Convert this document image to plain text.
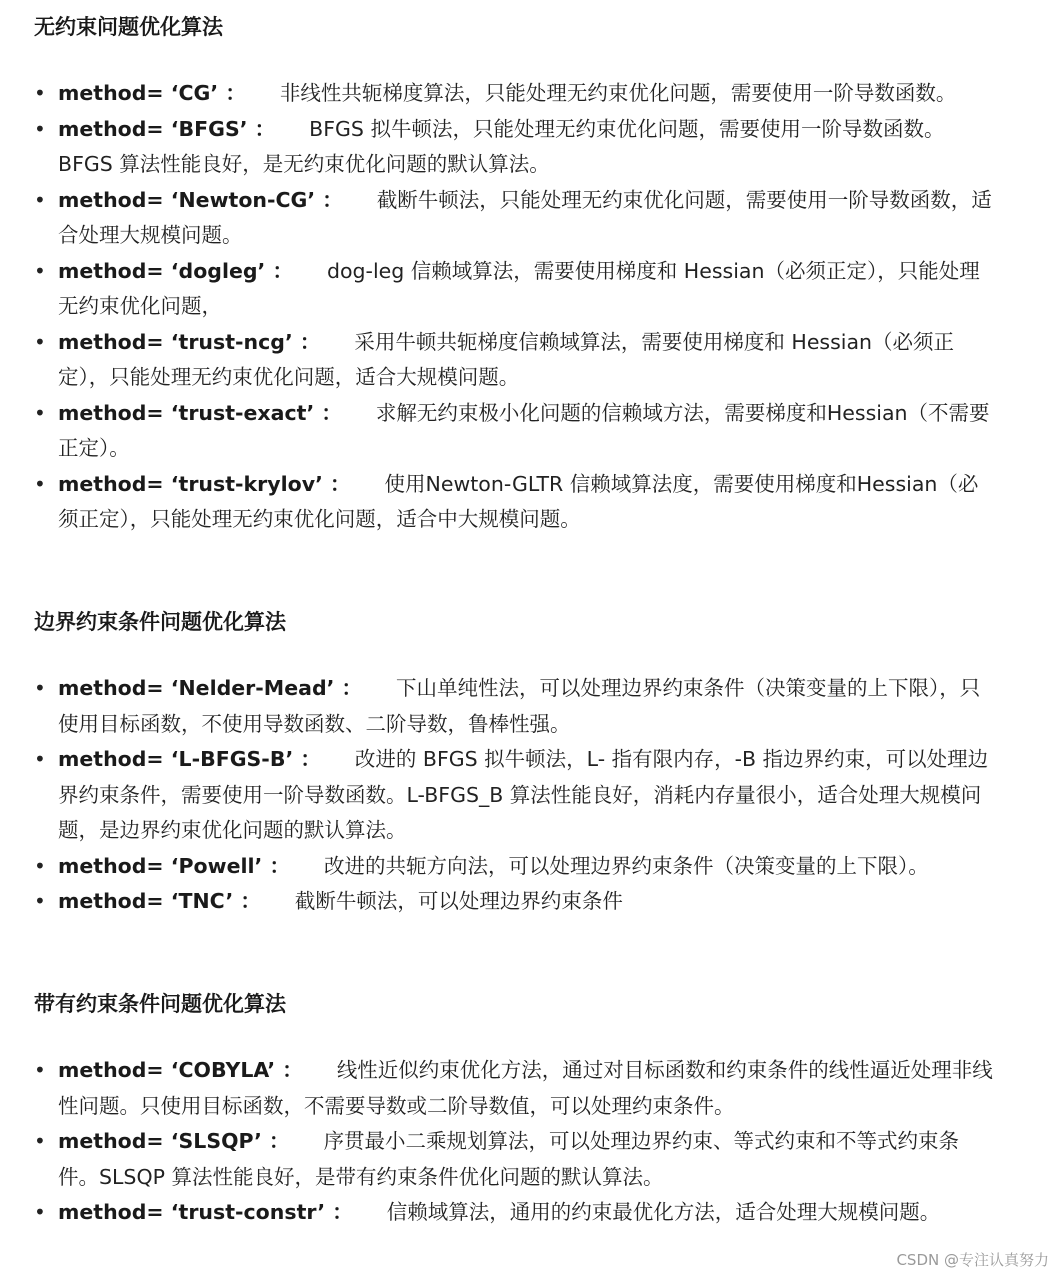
无约束问题优化算法
• method= ‘CG’ ： 非线性共轭梯度算法，只能处理无约束优化问题，需要使用一阶导数函数。
• method= ‘BFGS’ ： BFGS 拟牛顿法，只能处理无约束优化问题，需要使用一阶导数函数。BFGS 算法性能良好，是无约束优化问题的默认算法。
• method= ‘Newton-CG’ ： 截断牛顿法，只能处理无约束优化问题，需要使用一阶导数函数，适合处理大规模问题。
• method= ‘dogleg’ ： dog-leg 信赖域算法，需要使用梯度和 Hessian（必须正定），只能处理无约束优化问题，
• method= ‘trust-ncg’ ： 采用牛顿共轭梯度信赖域算法，需要使用梯度和 Hessian（必须正定），只能处理无约束优化问题，适合大规模问题。
• method= ‘trust-exact’ ： 求解无约束极小化问题的信赖域方法，需要梯度和Hessian（不需要正定）。
• method= ‘trust-krylov’ ： 使用Newton-GLTR 信赖域算法度，需要使用梯度和Hessian（必须正定），只能处理无约束优化问题，适合中大规模问题。
边界约束条件问题优化算法
• method= ‘Nelder-Mead’ ： 下山单纯性法，可以处理边界约束条件（决策变量的上下限），只使用目标函数，不使用导数函数、二阶导数，鲁棒性强。
• method= ‘L-BFGS-B’ ： 改进的 BFGS 拟牛顿法，L- 指有限内存，-B 指边界约束，可以处理边界约束条件，需要使用一阶导数函数。L-BFGS_B 算法性能良好，消耗内存量很小，适合处理大规模问题，是边界约束优化问题的默认算法。
• method= ‘Powell’ ： 改进的共轭方向法，可以处理边界约束条件（决策变量的上下限）。
• method= ‘TNC’ ： 截断牛顿法，可以处理边界约束条件
带有约束条件问题优化算法
• method= ‘COBYLA’ ： 线性近似约束优化方法，通过对目标函数和约束条件的线性逼近处理非线性问题。只使用目标函数，不需要导数或二阶导数值，可以处理约束条件。
• method= ‘SLSQP’ ： 序贯最小二乘规划算法，可以处理边界约束、等式约束和不等式约束条件。SLSQP 算法性能良好，是带有约束条件优化问题的默认算法。
• method= ‘trust-constr’ ： 信赖域算法，通用的约束最优化方法，适合处理大规模问题。
CSDN @专注认真努力
